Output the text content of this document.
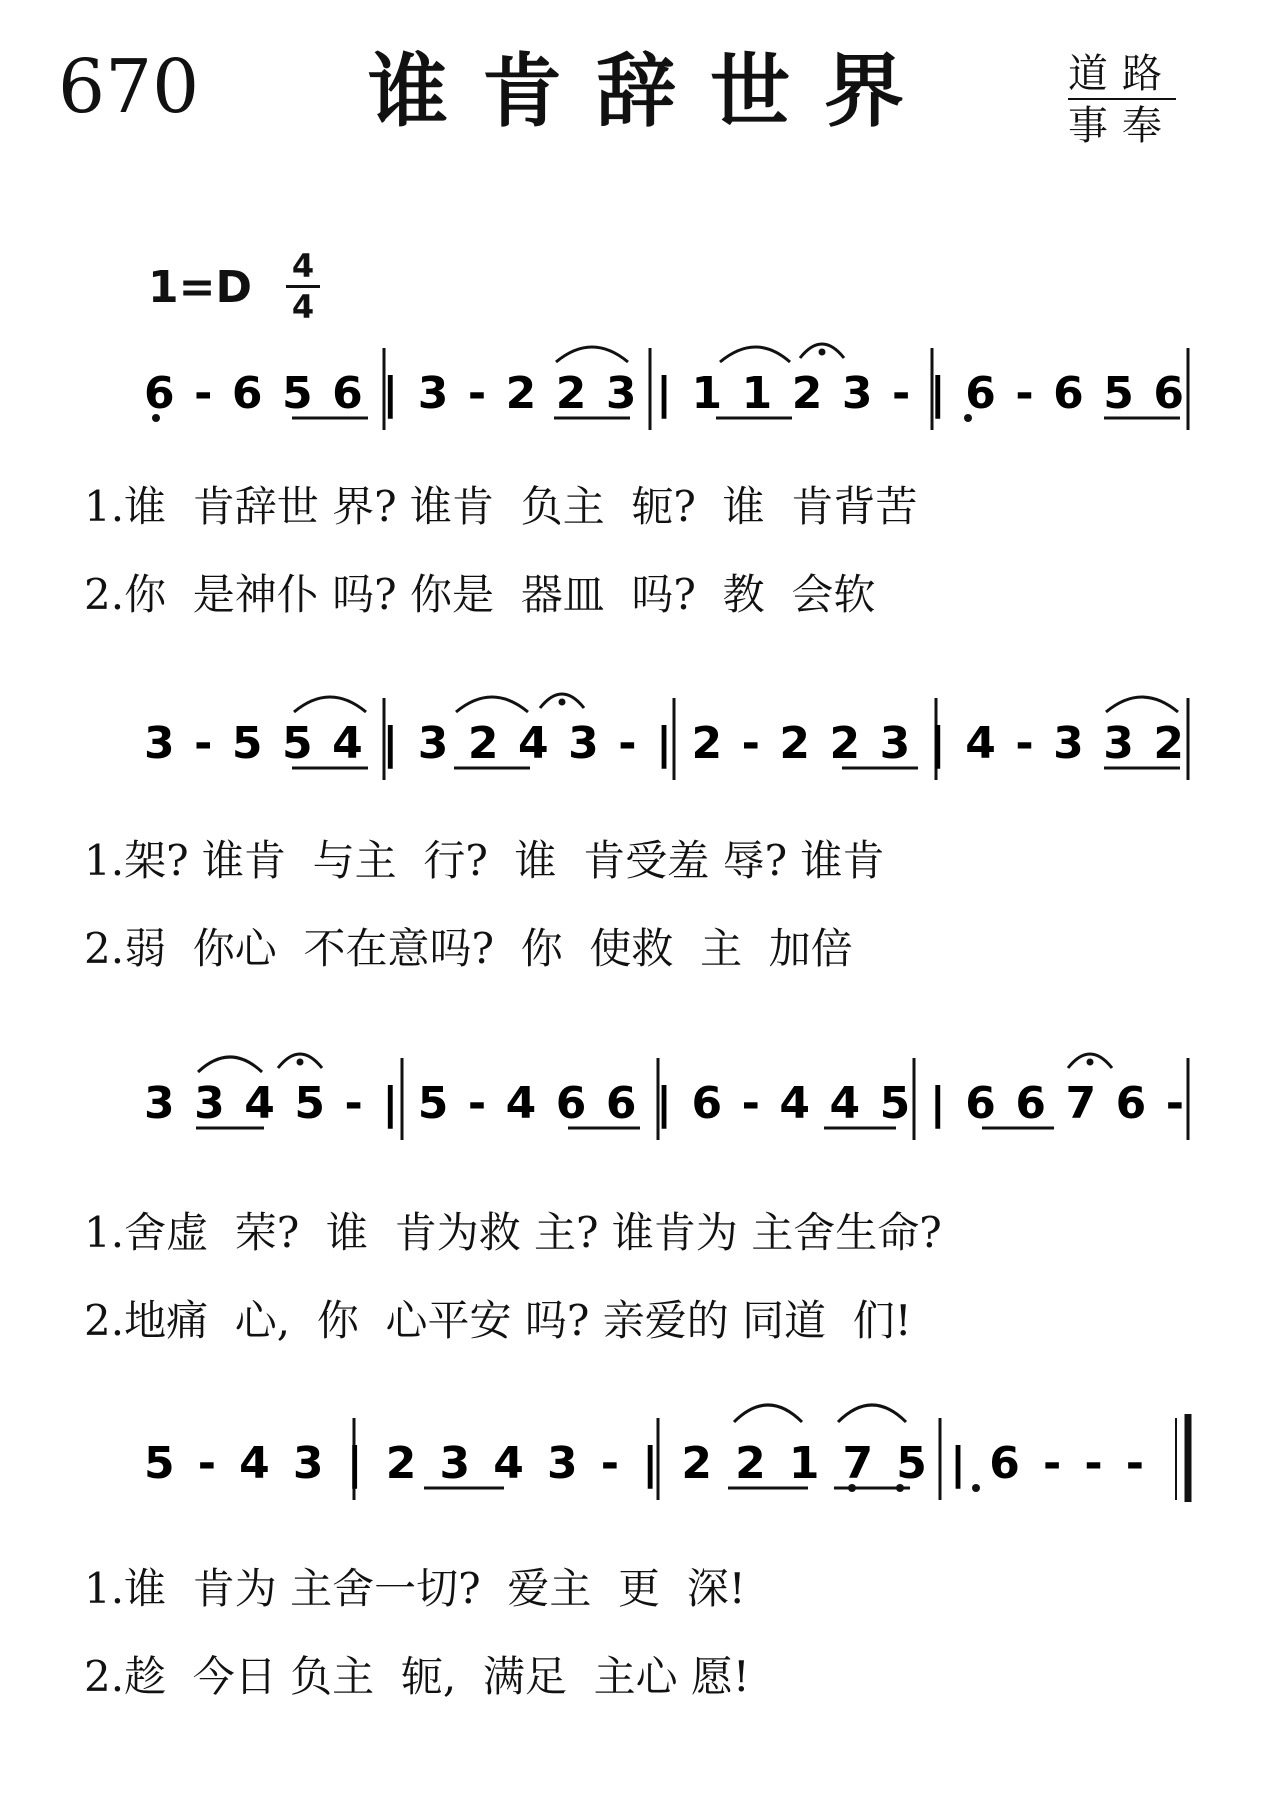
670 谁肯辞世界	道路
事奉
1=D 4
4
6 - 6 5 6 | 3 - 2 2 3 | 1 1 2 3 - | 6 - 6 5 6
3 - 5 5 4 | 3 2 4 3 - | 2 - 2 2 3 | 4 - 3 3 2
3 3 4 5 - | 5 - 4 6 6 | 6 - 4 4 5 | 6 6 7 6 -
5 - 4 3 | 2 3 4 3 - | 2 2 1 7 5 | 6 - - -
1.谁  肯辞世 界? 谁肯  负主  轭?  谁  肯背苦
2.你  是神仆 吗? 你是  器皿  吗?  教  会软
1.架? 谁肯  与主  行?  谁  肯受羞 辱? 谁肯
2.弱  你心  不在意吗?  你  使救  主  加倍
1.舍虚  荣?  谁  肯为救 主? 谁肯为 主舍生命?
2.地痛  心,  你  心平安 吗? 亲爱的 同道  们!
1.谁  肯为 主舍一切?  爱主  更  深!
2.趁  今日 负主  轭,  满足  主心 愿!
